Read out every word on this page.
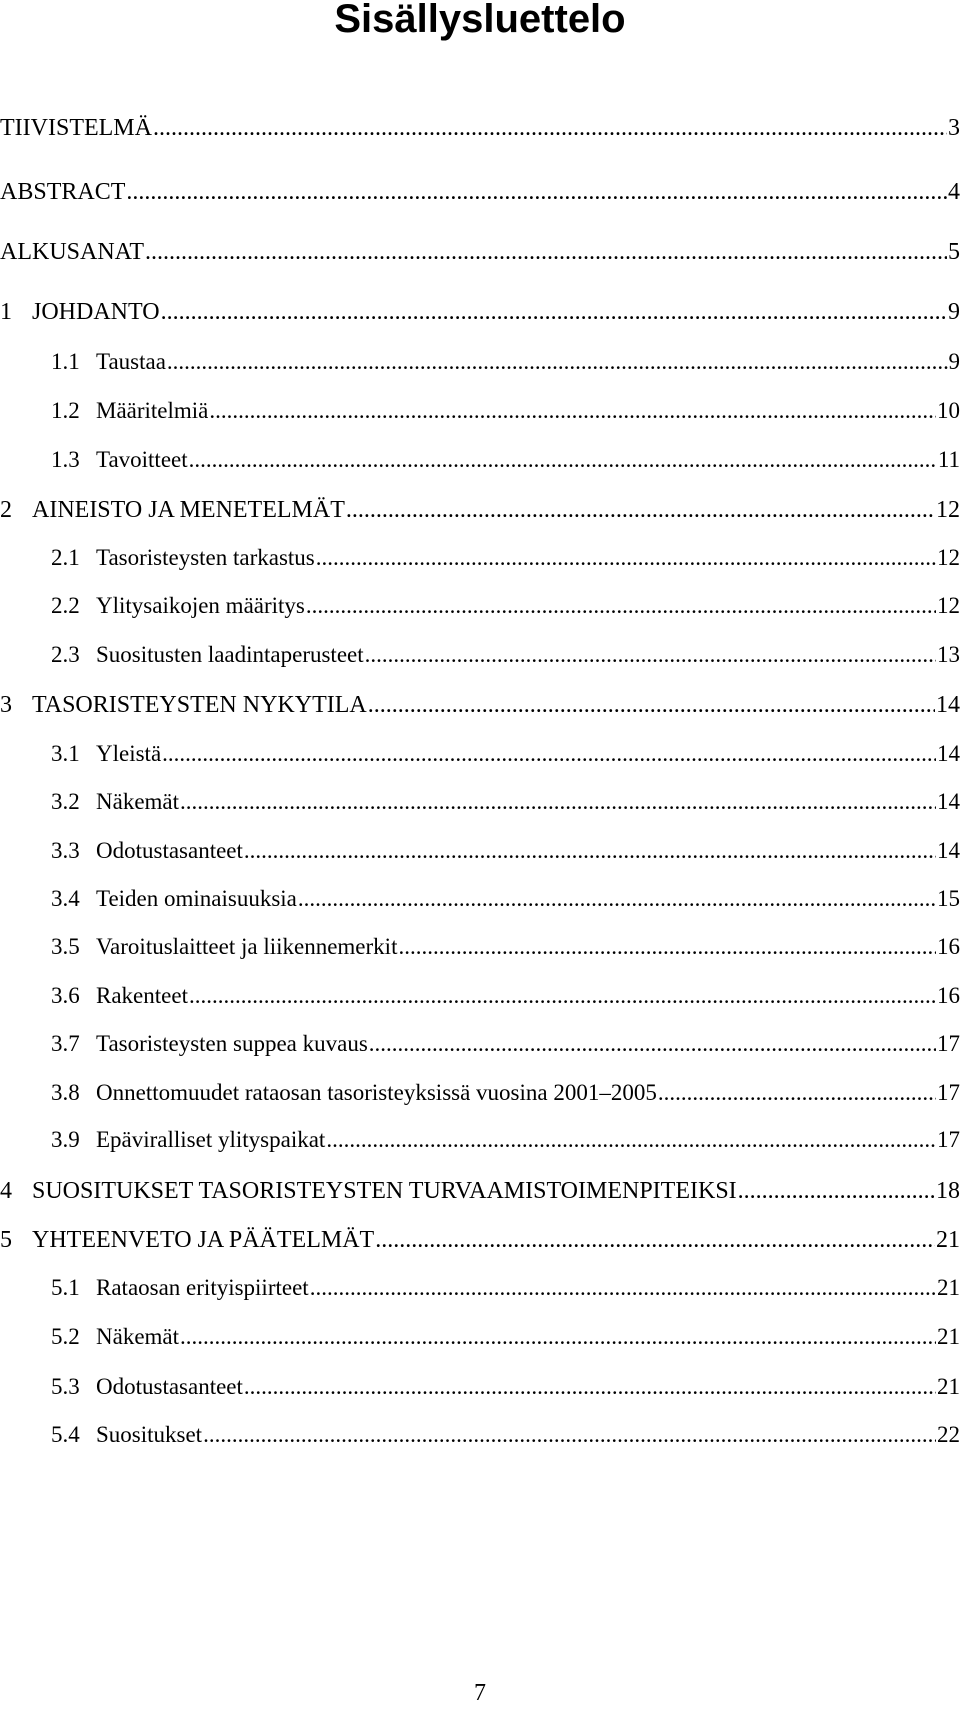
Sisällysluettelo
TIIVISTELMÄ .....	3
ABSTRACT .....	4
ALKUSANAT .....	5
1 JOHDANTO .....	9
1.1 Taustaa .....	9
1.2 Määritelmiä .....	10
1.3 Tavoitteet .....	11
2 AINEISTO JA MENETELMÄT .....	12
2.1 Tasoristeysten tarkastus .....	12
2.2 Ylitysaikojen määritys .....	12
2.3 Suositusten laadintaperusteet .....	13
3 TASORISTEYSTEN NYKYTILA .....	14
3.1 Yleistä .....	14
3.2 Näkemät .....	14
3.3 Odotustasanteet .....	14
3.4 Teiden ominaisuuksia .....	15
3.5 Varoituslaitteet ja liikennemerkit .....	16
3.6 Rakenteet .....	16
3.7 Tasoristeysten suppea kuvaus .....	17
3.8 Onnettomuudet rataosan tasoristeyksissä vuosina 2001–2005 .....	17
3.9 Epäviralliset ylityspaikat .....	17
4 SUOSITUKSET TASORISTEYSTEN TURVAAMISTOIMENPITEIKSI .....	18
5 YHTEENVETO JA PÄÄTELMÄT .....	21
5.1 Rataosan erityispiirteet .....	21
5.2 Näkemät .....	21
5.3 Odotustasanteet .....	21
5.4 Suositukset .....	22
7
